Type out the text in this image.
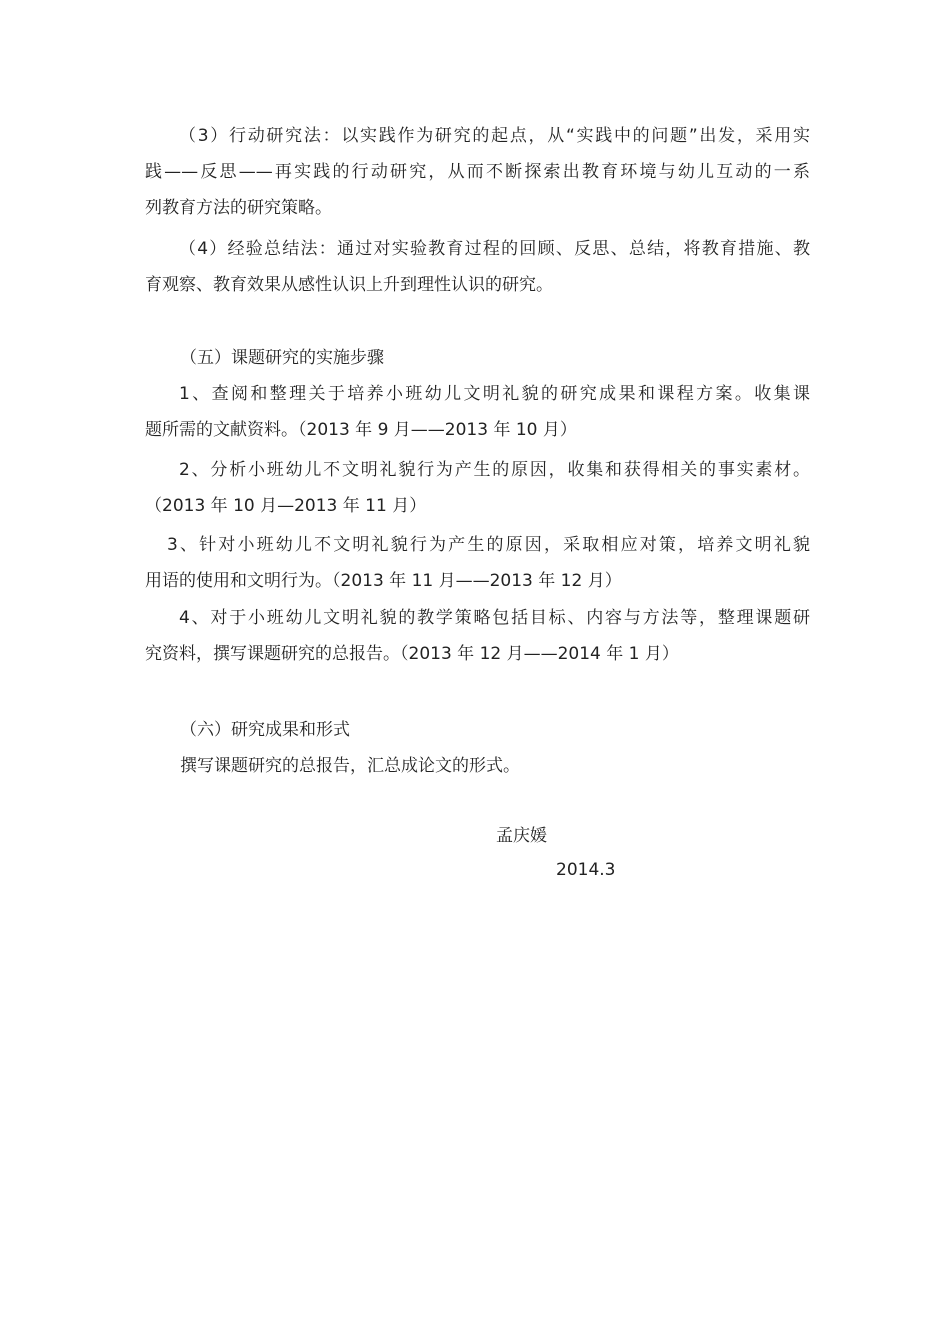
（3）行动研究法：以实践作为研究的起点，从“实践中的问题”出发，采用实
践——反思——再实践的行动研究，从而不断探索出教育环境与幼儿互动的一系
列教育方法的研究策略。

（4）经验总结法：通过对实验教育过程的回顾、反思、总结，将教育措施、教
育观察、教育效果从感性认识上升到理性认识的研究。

（五）课题研究的实施步骤

1、查阅和整理关于培养小班幼儿文明礼貌的研究成果和课程方案。收集课
题所需的文献资料。（2013 年 9 月——2013 年 10 月）

2、分析小班幼儿不文明礼貌行为产生的原因，收集和获得相关的事实素材。
（2013 年 10 月—2013 年 11 月）

3、针对小班幼儿不文明礼貌行为产生的原因，采取相应对策，培养文明礼貌
用语的使用和文明行为。（2013 年 11 月——2013 年 12 月）

4、对于小班幼儿文明礼貌的教学策略包括目标、内容与方法等，整理课题研
究资料，撰写课题研究的总报告。（2013 年 12 月——2014 年 1 月）

（六）研究成果和形式

撰写课题研究的总报告，汇总成论文的形式。

孟庆媛

2014.3
